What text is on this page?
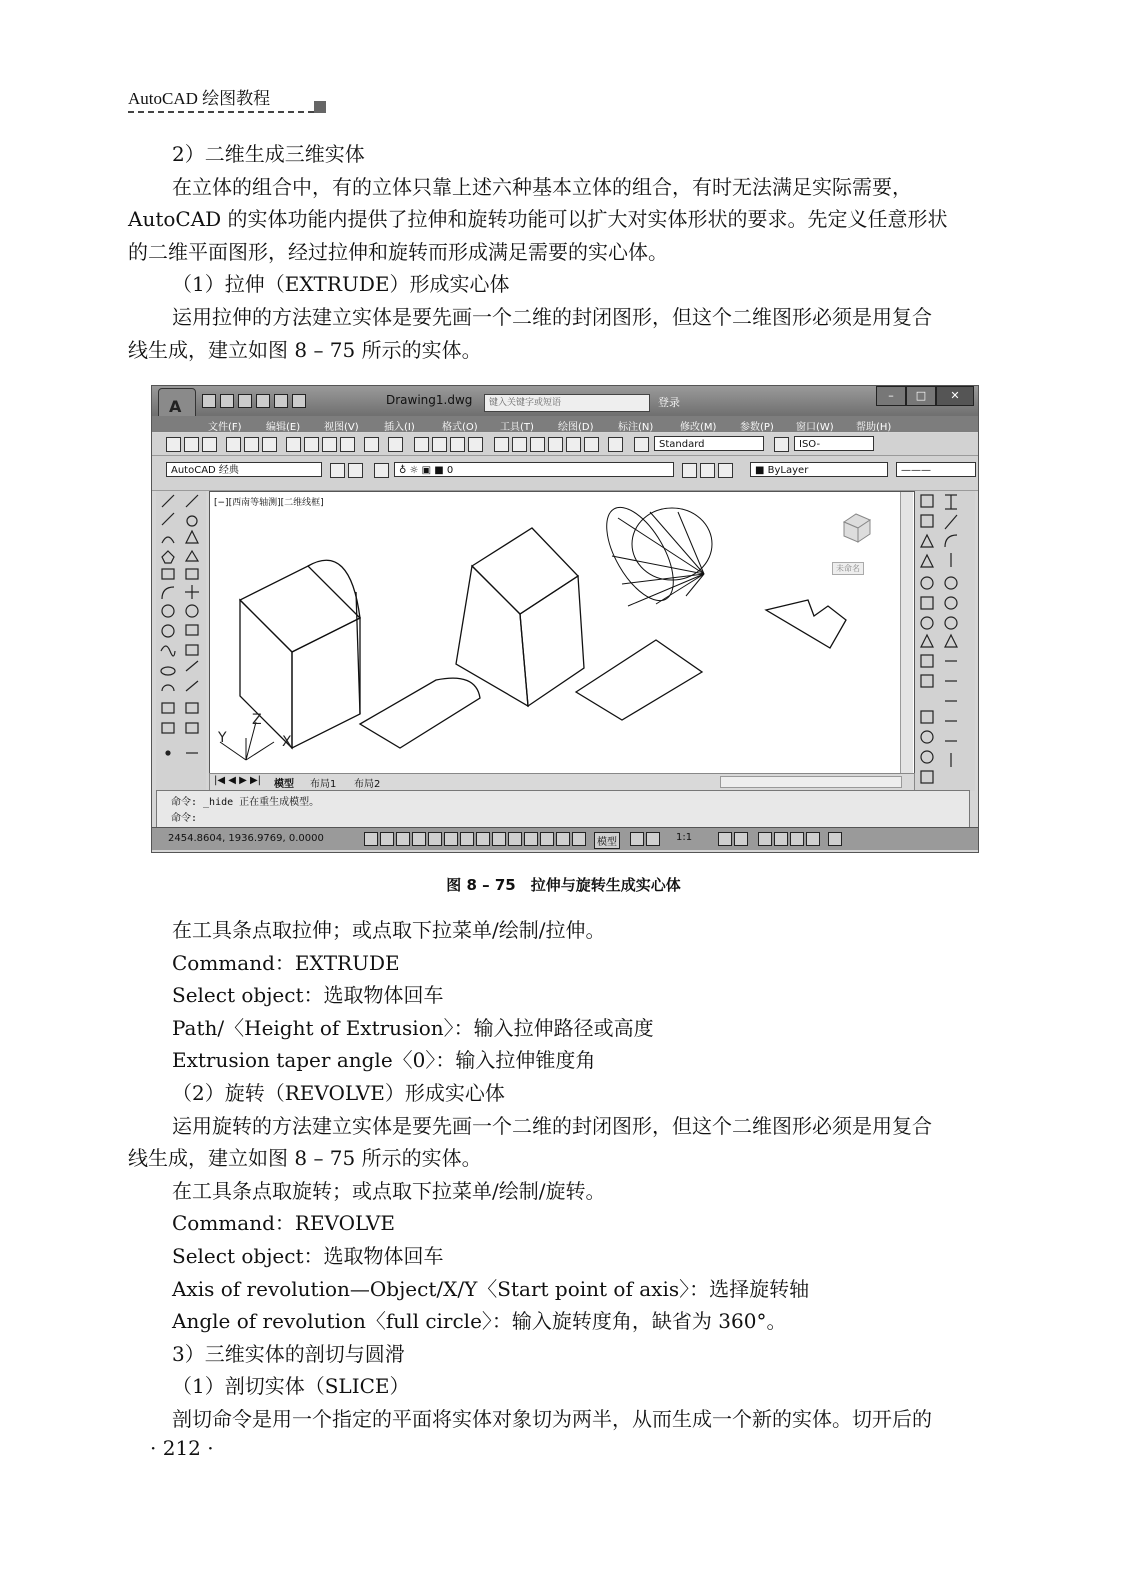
AutoCAD 绘图教程
2）二维生成三维实体
在立体的组合中，有的立体只靠上述六种基本立体的组合，有时无法满足实际需要，
AutoCAD 的实体功能内提供了拉伸和旋转功能可以扩大对实体形状的要求。先定义任意形状
的二维平面图形，经过拉伸和旋转而形成满足需要的实心体。
（1）拉伸（EXTRUDE）形成实心体
运用拉伸的方法建立实体是要先画一个二维的封闭图形，但这个二维图形必须是用复合
线生成，建立如图 8 – 75 所示的实体。
A	Drawing1.dwg	键入关键字或短语	登录
–	□	✕
文件(F) 编辑(E) 视图(V)	插入(I)	格式(O) 工具(T) 绘图(D) 标注(N)	修改(M) 参数(P) 窗口(W) 帮助(H)
Standard	ISO-
AutoCAD 经典	♁ ☼ ▣ ■ 0	■ ByLayer	———
[−][西南等轴测][二维线框]
Y
Z
X
未命名
|◀ ◀ ▶ ▶| 模型 布局1 布局2
命令: _hide 正在重生成模型。
命令:
2454.8604, 1936.9769, 0.0000	模型	1:1
图 8 – 75　拉伸与旋转生成实心体
在工具条点取拉伸；或点取下拉菜单/绘制/拉伸。
Command：EXTRUDE
Select object：选取物体回车
Path/〈Height of Extrusion〉：输入拉伸路径或高度
Extrusion taper angle〈0〉：输入拉伸锥度角
（2）旋转（REVOLVE）形成实心体
运用旋转的方法建立实体是要先画一个二维的封闭图形，但这个二维图形必须是用复合
线生成，建立如图 8 – 75 所示的实体。
在工具条点取旋转；或点取下拉菜单/绘制/旋转。
Command：REVOLVE
Select object：选取物体回车
Axis of revolution—Object/X/Y〈Start point of axis〉：选择旋转轴
Angle of revolution〈full circle〉：输入旋转度角，缺省为 360°。
3）三维实体的剖切与圆滑
（1）剖切实体（SLICE）
剖切命令是用一个指定的平面将实体对象切为两半，从而生成一个新的实体。切开后的
· 212 ·
